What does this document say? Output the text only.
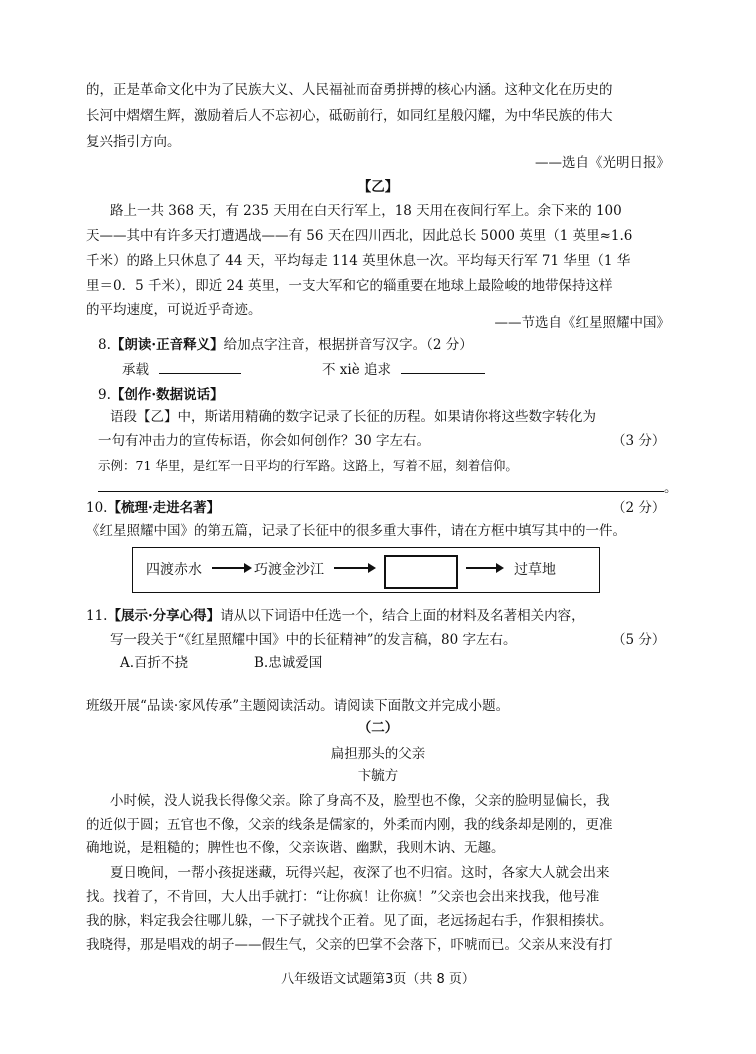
的，正是革命文化中为了民族大义、人民福祉而奋勇拼搏的核心内涵。这种文化在历史的
长河中熠熠生辉，激励着后人不忘初心，砥砺前行，如同红星般闪耀，为中华民族的伟大
复兴指引方向。
——选自《光明日报》
【乙】
路上一共 368 天，有 235 天用在白天行军上，18 天用在夜间行军上。余下来的 100
天——其中有许多天打遭遇战——有 56 天在四川西北，因此总长 5000 英里（1 英里≈1.6
千米）的路上只休息了 44 天，平均每走 114 英里休息一次。平均每天行军 71 华里（1 华
里＝0．5 千米），即近 24 英里，一支大军和它的辎重要在地球上最险峻的地带保持这样
的平均速度，可说近乎奇迹。
——节选自《红星照耀中国》
8.【朗读·正音释义】给加点字注音，根据拼音写汉字。（2 分）
承载	不 xiè 追求
9.【创作·数据说话】
语段【乙】中，斯诺用精确的数字记录了长征的历程。如果请你将这些数字转化为
一句有冲击力的宣传标语，你会如何创作？30 字左右。	（3 分）
示例：71 华里，是红军一日平均的行军路。这路上，写着不屈，刻着信仰。
。
10.【梳理·走进名著】	（2 分）
《红星照耀中国》的第五篇，记录了长征中的很多重大事件，请在方框中填写其中的一件。
四渡赤水	巧渡金沙江	过草地
11.【展示·分享心得】请从以下词语中任选一个，结合上面的材料及名著相关内容，
写一段关于“《红星照耀中国》中的长征精神”的发言稿，80 字左右。	（5 分）
A.百折不挠	B.忠诚爱国
班级开展“品读·家风传承”主题阅读活动。请阅读下面散文并完成小题。
（二）
扁担那头的父亲
卞毓方
小时候，没人说我长得像父亲。除了身高不及，脸型也不像，父亲的脸明显偏长，我
的近似于圆；五官也不像，父亲的线条是儒家的，外柔而内刚，我的线条却是刚的，更准
确地说，是粗糙的；脾性也不像，父亲诙谐、幽默，我则木讷、无趣。
夏日晚间，一帮小孩捉迷藏，玩得兴起，夜深了也不归宿。这时，各家大人就会出来
找。找着了，不肯回，大人出手就打：“让你疯！让你疯！”父亲也会出来找我，他号准
我的脉，料定我会往哪儿躲，一下子就找个正着。见了面，老远扬起右手，作狠相揍状。
我晓得，那是唱戏的胡子——假生气，父亲的巴掌不会落下，吓唬而已。父亲从来没有打
八年级语文试题第3页（共 8 页）
